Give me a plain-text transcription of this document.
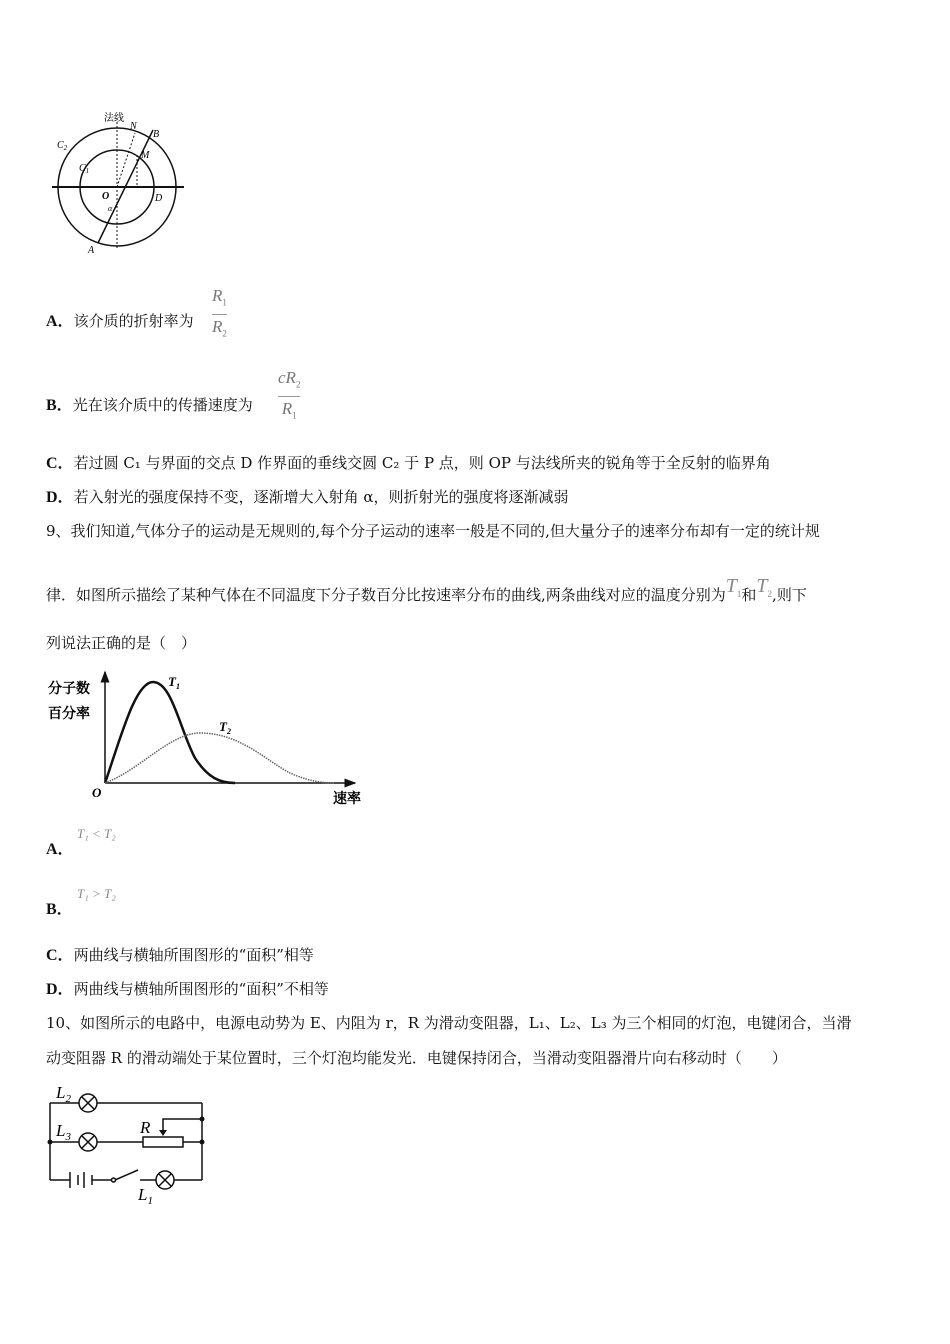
法线
N
B
M
$C_2$
$C_1$
O	D
A
α
A．该介质的折射率为
$R_1$
$R_2$
B．光在该介质中的传播速度为
$cR_2$
$R_1$
C．若过圆 C₁ 与界面的交点 D 作界面的垂线交圆 C₂ 于 P 点，则 OP 与法线所夹的锐角等于全反射的临界角
D．若入射光的强度保持不变，逐渐增大入射角 α，则折射光的强度将逐渐减弱
9、我们知道,气体分子的运动是无规则的,每个分子运动的速率一般是不同的,但大量分子的速率分布却有一定的统计规
律．如图所示描绘了某种气体在不同温度下分子数百分比按速率分布的曲线,两条曲线对应的温度分别为$T_1$和$T_2$,则下
列说法正确的是（　）
分子数
百分率
O	速率
$T_1$
$T_2$
A．
T₁ < T₂
B．
T₁ > T₂
C．两曲线与横轴所围图形的“面积”相等
D．两曲线与横轴所围图形的“面积”不相等
10、如图所示的电路中，电源电动势为 E、内阻为 r，R 为滑动变阻器，L₁、L₂、L₃ 为三个相同的灯泡，电键闭合，当滑
动变阻器 R 的滑动端处于某位置时，三个灯泡均能发光．电键保持闭合，当滑动变阻器滑片向右移动时（　　）
$L_2$
$L_3$	R
$L_1$
